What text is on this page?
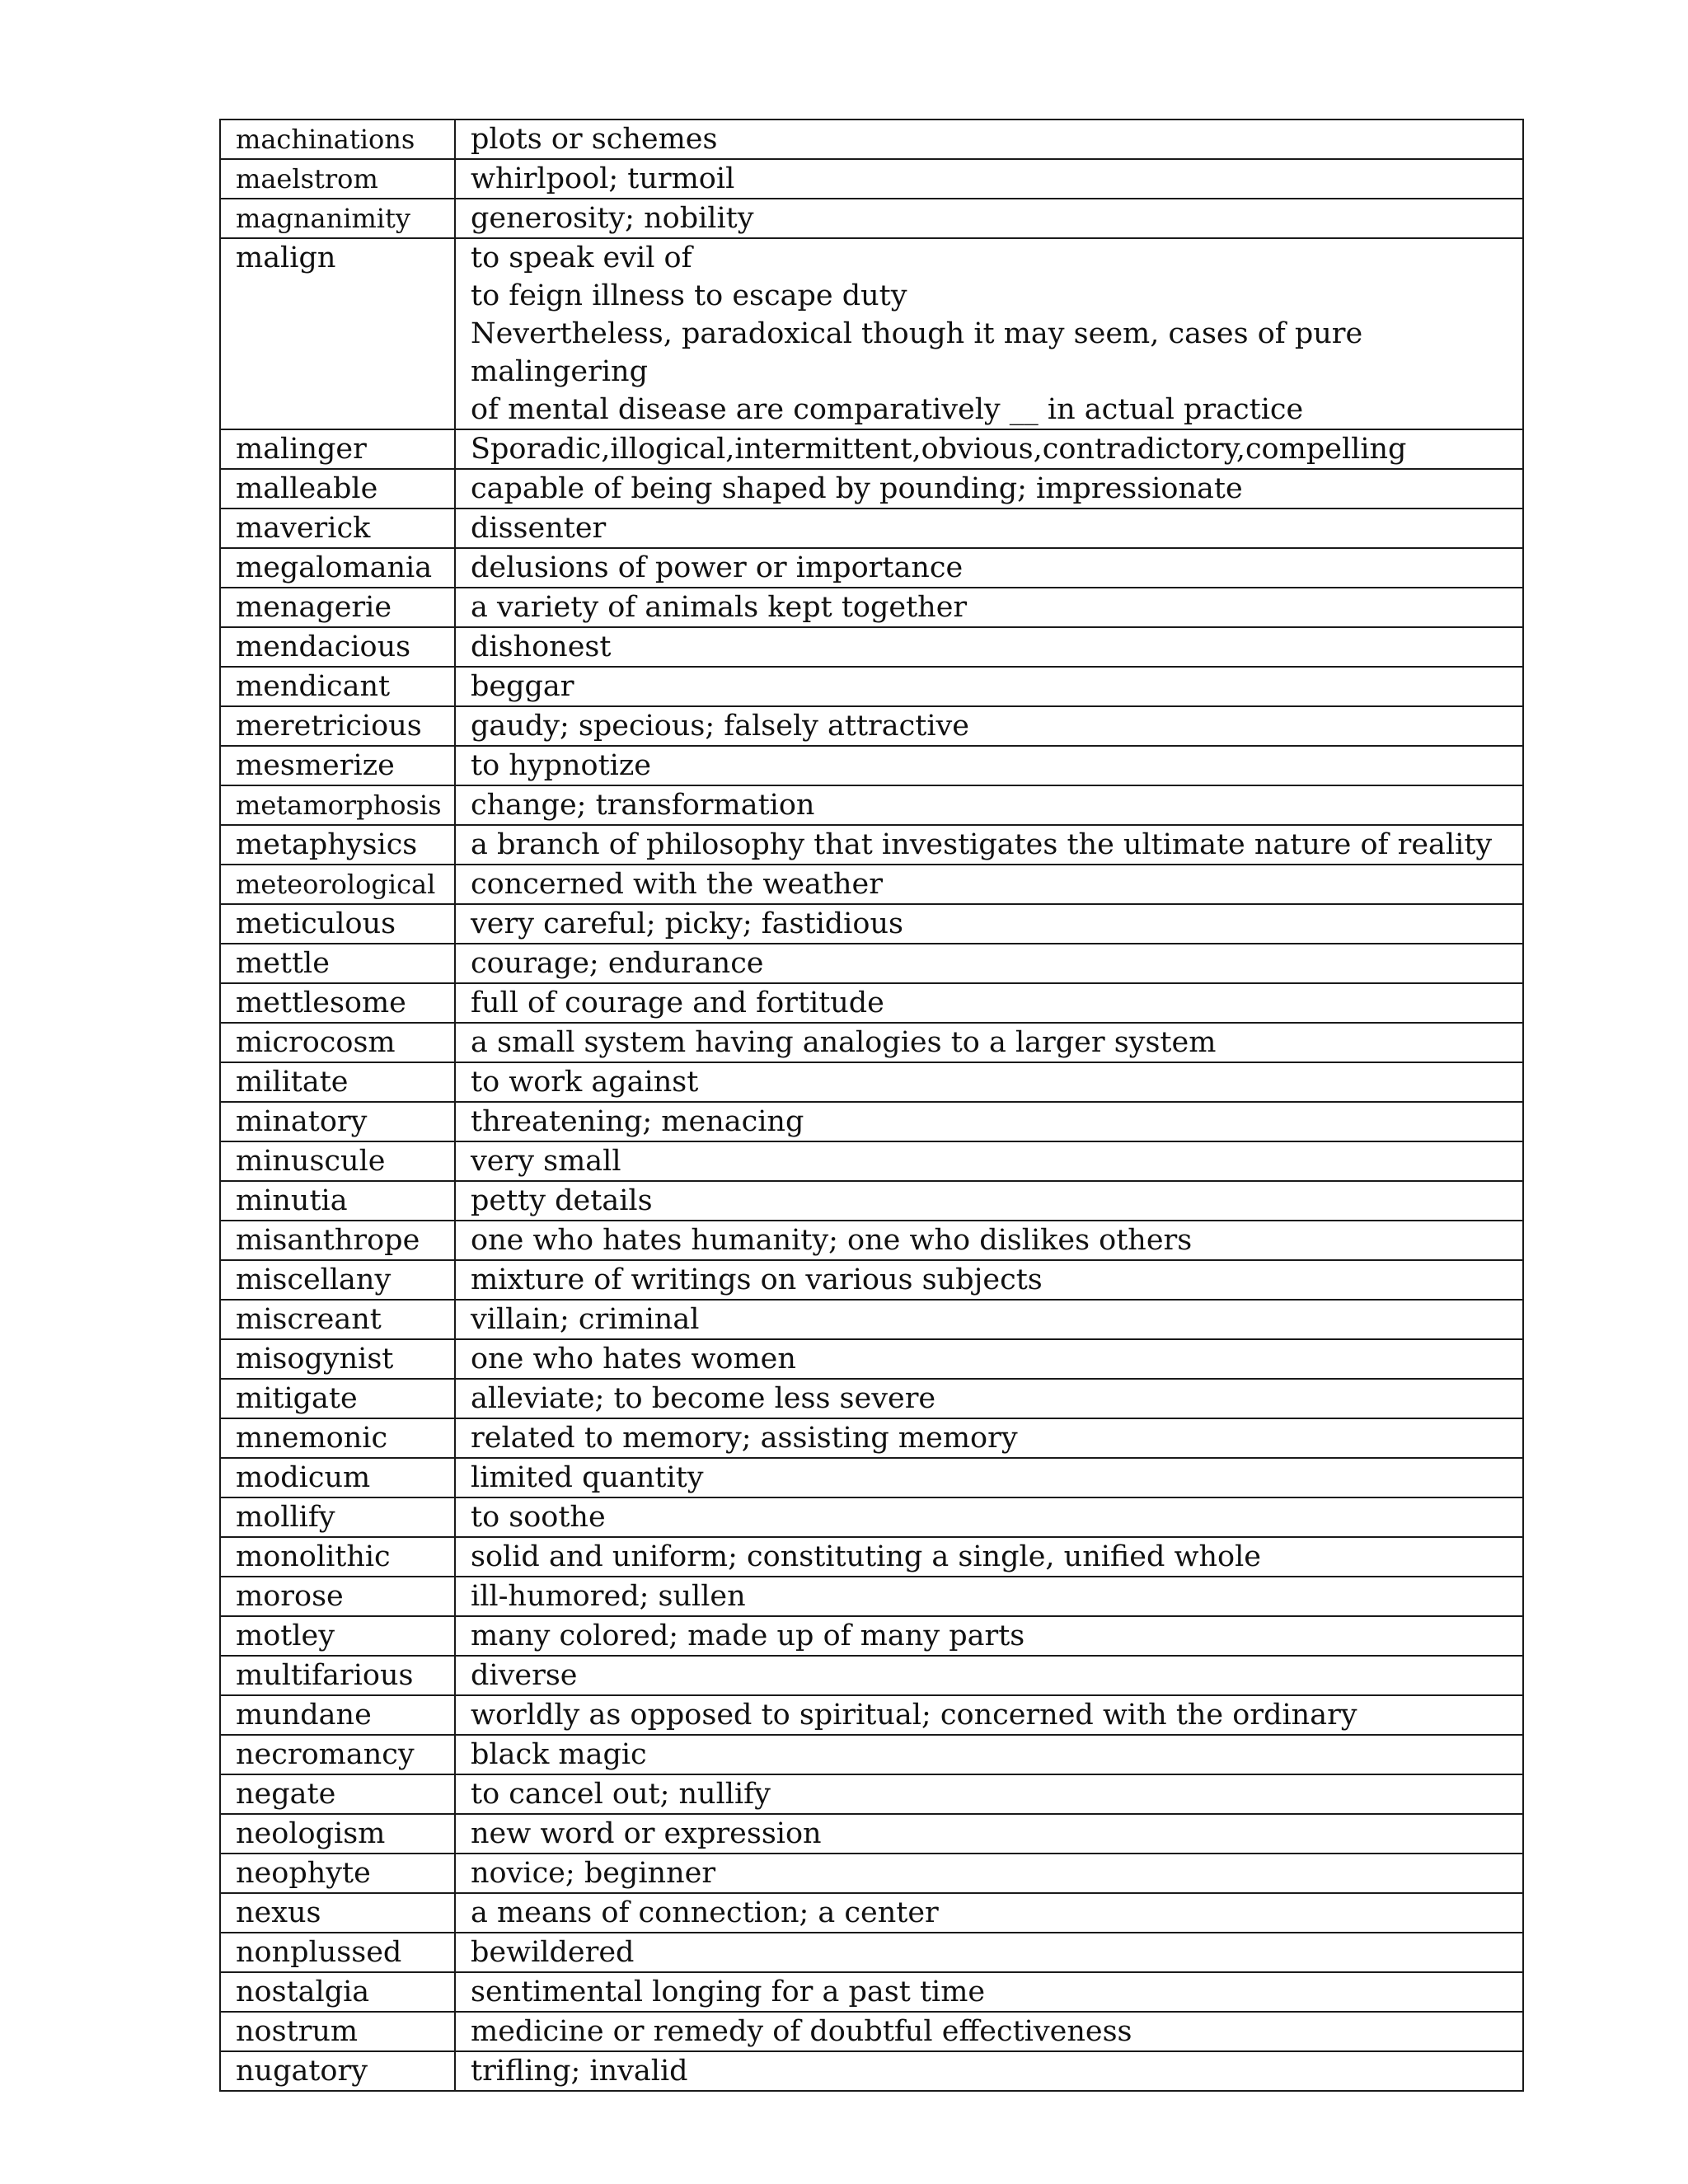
machinations	plots or schemes
maelstrom	whirlpool; turmoil
magnanimity	generosity; nobility
malign	to speak evil of
to feign illness to escape duty
Nevertheless, paradoxical though it may seem, cases of pure malingering
of mental disease are comparatively __ in actual practice

malinger	Sporadic,illogical,intermittent,obvious,contradictory,compelling
malleable	capable of being shaped by pounding; impressionate
maverick	dissenter
megalomania	delusions of power or importance
menagerie	a variety of animals kept together
mendacious	dishonest
mendicant	beggar
meretricious	gaudy; specious; falsely attractive
mesmerize	to hypnotize
metamorphosis	change; transformation
metaphysics	a branch of philosophy that investigates the ultimate nature of reality
meteorological	concerned with the weather
meticulous	very careful; picky; fastidious
mettle	courage; endurance
mettlesome	full of courage and fortitude
microcosm	a small system having analogies to a larger system
militate	to work against
minatory	threatening; menacing
minuscule	very small
minutia	petty details
misanthrope	one who hates humanity; one who dislikes others
miscellany	mixture of writings on various subjects
miscreant	villain; criminal
misogynist	one who hates women
mitigate	alleviate; to become less severe
mnemonic	related to memory; assisting memory
modicum	limited quantity
mollify	to soothe
monolithic	solid and uniform; constituting a single, unified whole
morose	ill-humored; sullen
motley	many colored; made up of many parts
multifarious	diverse
mundane	worldly as opposed to spiritual; concerned with the ordinary
necromancy	black magic
negate	to cancel out; nullify
neologism	new word or expression
neophyte	novice; beginner
nexus	a means of connection; a center
nonplussed	bewildered
nostalgia	sentimental longing for a past time
nostrum	medicine or remedy of doubtful effectiveness
nugatory	trifling; invalid
